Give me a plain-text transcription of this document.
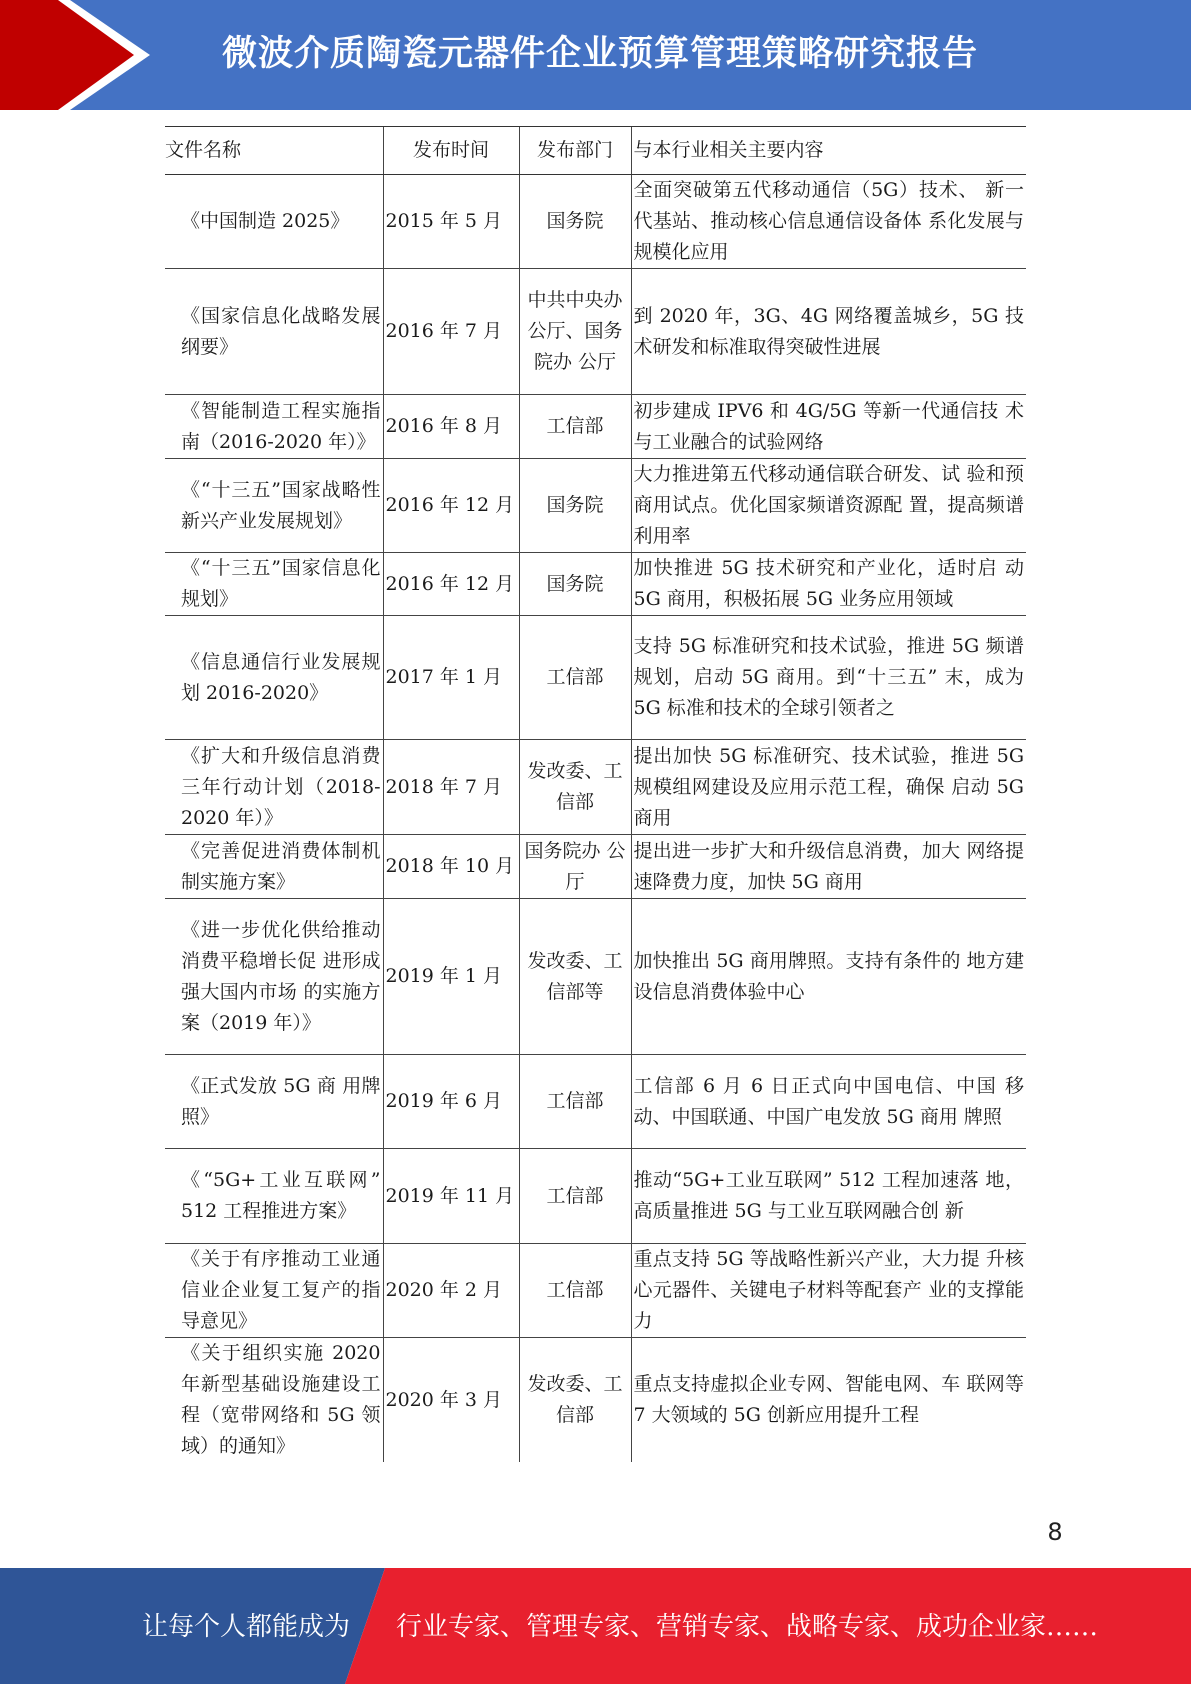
微波介质陶瓷元器件企业预算管理策略研究报告
文件名称	发布时间	发布部门	与本行业相关主要内容
《中国制造 2025》	2015 年 5 月	国务院	全面突破第五代移动通信（5G）技术、 新一代基站、推动核心信息通信设备体 系化发展与规模化应用
《国家信息化战略发展纲要》	2016 年 7 月	中共中央办公厅、国务院办 公厅	到 2020 年，3G、4G 网络覆盖城乡，5G 技术研发和标准取得突破性进展
《智能制造工程实施指南（2016-2020 年）》	2016 年 8 月	工信部	初步建成 IPV6 和 4G/5G 等新一代通信技 术与工业融合的试验网络
《“十三五”国家战略性新兴产业发展规划》	2016 年 12 月	国务院	大力推进第五代移动通信联合研发、试 验和预商用试点。优化国家频谱资源配 置，提高频谱利用率
《“十三五”国家信息化规划》	2016 年 12 月	国务院	加快推进 5G 技术研究和产业化，适时启 动 5G 商用，积极拓展 5G 业务应用领域
《信息通信行业发展规划 2016-2020》	2017 年 1 月	工信部	支持 5G 标准研究和技术试验，推进 5G 频谱规划，启动 5G 商用。到“十三五” 末，成为 5G 标准和技术的全球引领者之
《扩大和升级信息消费三年行动计划（2018-2020 年）》	2018 年 7 月	发改委、工信部	提出加快 5G 标准研究、技术试验，推进 5G 规模组网建设及应用示范工程，确保 启动 5G 商用
《完善促进消费体制机制实施方案》	2018 年 10 月	国务院办 公厅	提出进一步扩大和升级信息消费，加大 网络提速降费力度，加快 5G 商用
《进一步优化供给推动消费平稳增长促 进形成强大国内市场 的实施方案（2019 年）》	2019 年 1 月	发改委、工信部等	加快推出 5G 商用牌照。支持有条件的 地方建设信息消费体验中心
《正式发放 5G 商 用牌照》	2019 年 6 月	工信部	工信部 6 月 6 日正式向中国电信、中国 移动、中国联通、中国广电发放 5G 商用 牌照
《“5G+工业互联网” 512 工程推进方案》	2019 年 11 月	工信部	推动“5G+工业互联网” 512 工程加速落 地，高质量推进 5G 与工业互联网融合创 新
《关于有序推动工业通信业企业复工复产的指导意见》	2020 年 2 月	工信部	重点支持 5G 等战略性新兴产业，大力提 升核心元器件、关键电子材料等配套产 业的支撑能力
《关于组织实施 2020 年新型基础设施建设工程（宽带网络和 5G 领域）的通知》	2020 年 3 月	发改委、工信部	重点支持虚拟企业专网、智能电网、车 联网等 7 大领域的 5G 创新应用提升工程
8
让每个人都能成为 行业专家、管理专家、营销专家、战略专家、成功企业家……
